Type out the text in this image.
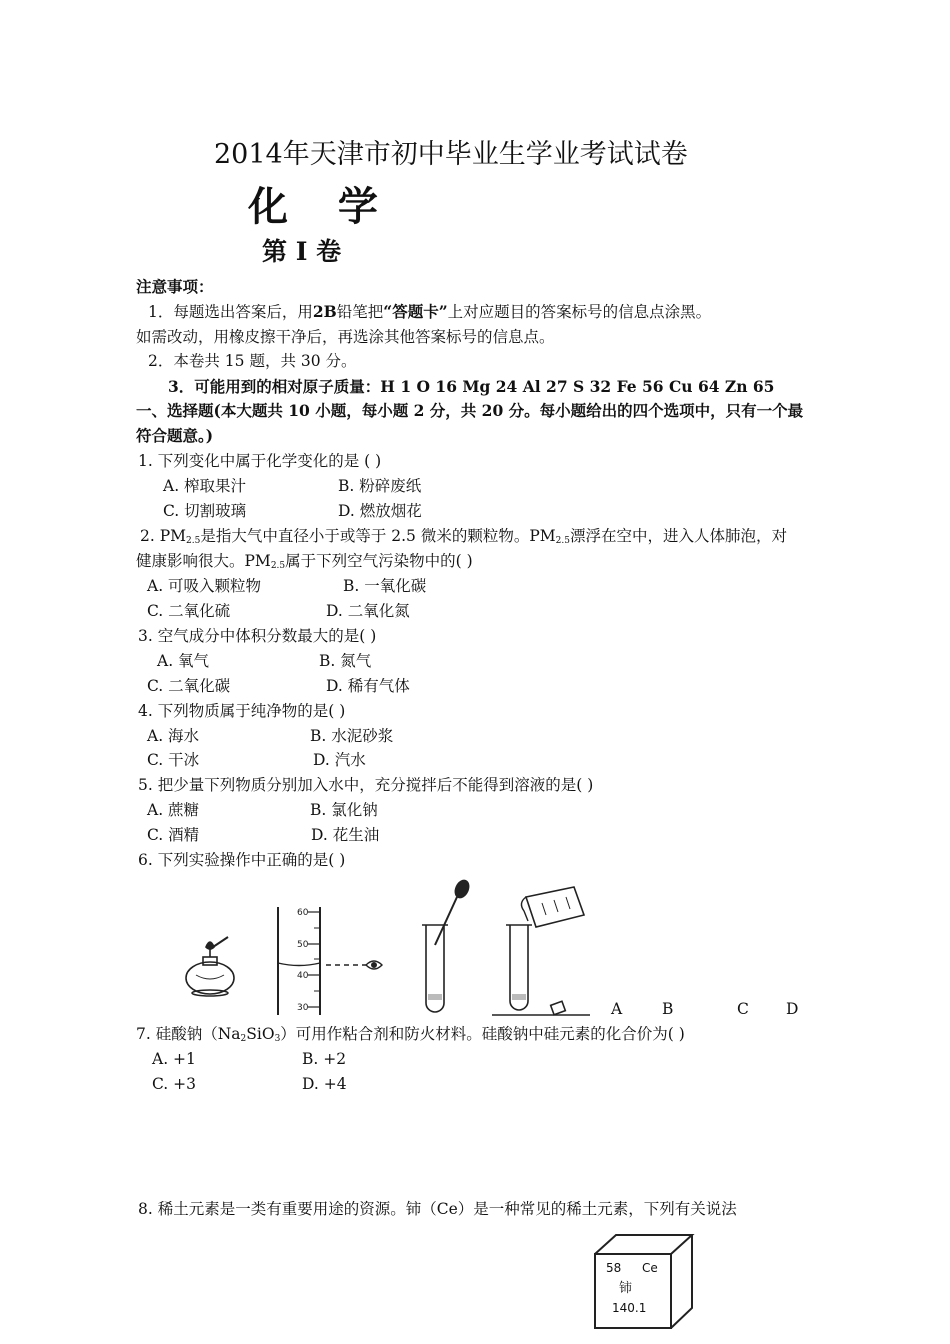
2014年天津市初中毕业生学业考试试卷
化 学
第 I 卷
注意事项：
1．每题选出答案后，用2B铅笔把“答题卡”上对应题目的答案标号的信息点涂黑。
如需改动，用橡皮擦干净后，再选涂其他答案标号的信息点。
2．本卷共 15 题，共 30 分。
3．可能用到的相对原子质量：H 1 O 16 Mg 24 Al 27 S 32 Fe 56 Cu 64 Zn 65
一、选择题(本大题共 10 小题，每小题 2 分，共 20 分。每小题给出的四个选项中，只有一个最
符合题意。)
1. 下列变化中属于化学变化的是 ( )
A. 榨取果汁	B. 粉碎废纸
C. 切割玻璃	D. 燃放烟花
2. $PM_{2.5}$是指大气中直径小于或等于 2.5 微米的颗粒物。$PM_{2.5}$漂浮在空中，进入人体肺泡，对
健康影响很大。$PM_{2.5}$属于下列空气污染物中的( )
A. 可吸入颗粒物	B. 一氧化碳
C. 二氧化硫	D. 二氧化氮
3. 空气成分中体积分数最大的是( )
A. 氧气	B. 氮气
C. 二氧化碳	D. 稀有气体
4. 下列物质属于纯净物的是( )
A. 海水	B. 水泥砂浆
C. 干冰	D. 汽水
5. 把少量下列物质分别加入水中，充分搅拌后不能得到溶液的是( )
A. 蔗糖	B. 氯化钠
C. 酒精	D. 花生油
6. 下列实验操作中正确的是( )
60
50
40
30	A	B	C D
7. 硅酸钠$(Na_2SiO_3)$可用作粘合剂和防火材料。硅酸钠中硅元素的化合价为( )
A. +1	B. +2
C. +3	D. +4
8. 稀土元素是一类有重要用途的资源。铈（Ce）是一种常见的稀土元素，下列有关说法
58 Ce
铈
140.1
